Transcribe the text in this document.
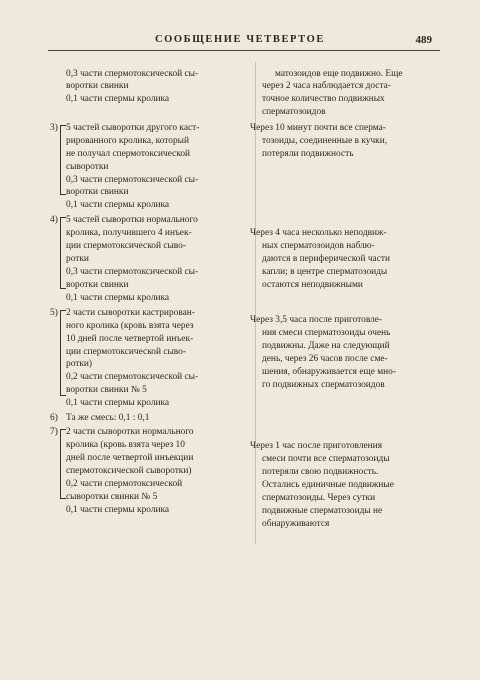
СООБЩЕНИЕ ЧЕТВЕРТОЕ	489
0,3 части спермотоксической сы-
воротки свинки
0,1 части спермы кролика
3) 5 частей сыворотки другого каст-
рированного кролика, который
не получал спермотоксической
сыворотки
0,3 части спермотоксической сы-
воротки свинки
0,1 части спермы кролика
4) 5 частей сыворотки нормального
кролика, получившего 4 инъек-
ции спермотоксической сыво-
ротки
0,3 части спермотоксической сы-
воротки свинки
0,1 части спермы кролика
5) 2 части сыворотки кастрирован-
ного кролика (кровь взята через
10 дней после четвертой инъек-
ции спермотоксической сыво-
ротки)
0,2 части спермотоксической сы-
воротки свинки № 5
0,1 части спермы кролика
6) Та же смесь: 0,1 : 0,1
7) 2 части сыворотки нормального
кролика (кровь взята через 10
дней после четвертой инъекции
спермотоксической сыворотки)
0,2 части спермотоксической
сыворотки свинки № 5
0,1 части спермы кролика
матозоидов еще подвижно. Еще
через 2 часа наблюдается доста-
точное количество подвижных
сперматозоидов
Через 10 минут почти все сперма-
тозоиды, соединенные в кучки,
потеряли подвижность
Через 4 часа несколько неподвиж-
ных сперматозоидов наблю-
даются в периферической части
капли; в центре сперматозоиды
остаются неподвижными
Через 3,5 часа после приготовле-
ния смеси сперматозоиды очень
подвижны. Даже на следующий
день, через 26 часов после сме-
шения, обнаруживается еще мно-
го подвижных сперматозоидов
Через 1 час после приготовления
смеси почти все сперматозоиды
потеряли свою подвижность.
Остались единичные подвижные
сперматозоиды. Через сутки
подвижные сперматозоиды не
обнаруживаются
